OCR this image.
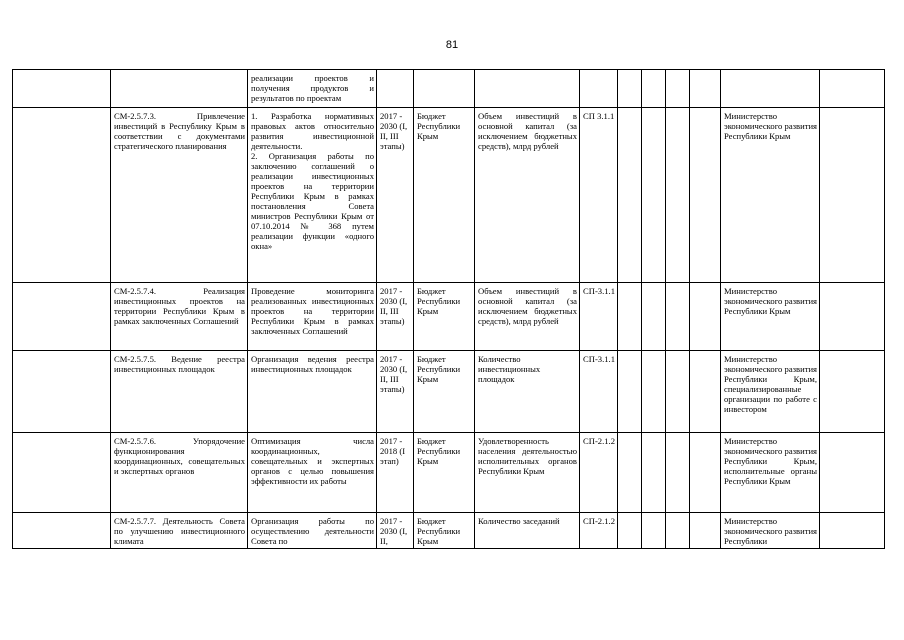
81
		реализации проектов и получения продуктов и результатов по проектам										
	СМ-2.5.7.3. Привлечение инвестиций в Республику Крым в соответствии с документами стратегического планирования	1. Разработка нормативных правовых актов относительно развития инвестиционной деятельности.
2. Организация работы по заключению соглашений о реализации инвестиционных проектов на территории Республики Крым в рамках постановления Совета министров Республики Крым от 07.10.2014 № 368 путем реализации функции «одного окна»	2017 - 2030 (I, II, III этапы)	Бюджет Республики Крым	Объем инвестиций в основной капитал (за исключением бюджетных средств), млрд рублей	СП 3.1.1					Министерство экономического развития Республики Крым	
	СМ-2.5.7.4. Реализация инвестиционных проектов на территории Республики Крым в рамках заключенных Соглашений	Проведение мониторинга реализованных инвестиционных проектов на территории Республики Крым в рамках заключенных Соглашений	2017 - 2030 (I, II, III этапы)	Бюджет Республики Крым	Объем инвестиций в основной капитал (за исключением бюджетных средств), млрд рублей	СП-3.1.1					Министерство экономического развития Республики Крым	
	СМ-2.5.7.5. Ведение реестра инвестиционных площадок	Организация ведения реестра инвестиционных площадок	2017 - 2030 (I, II, III этапы)	Бюджет Республики Крым	Количество инвестиционных площадок	СП-3.1.1					Министерство экономического развития Республики Крым, специализированные организации по работе с инвестором	
	СМ-2.5.7.6. Упорядочение функционирования координационных, совещательных и экспертных органов	Оптимизация числа координационных, совещательных и экспертных органов с целью повышения эффективности их работы	2017 - 2018 (I этап)	Бюджет Республики Крым	Удовлетворенность населения деятельностью исполнительных органов Республики Крым	СП-2.1.2					Министерство экономического развития Республики Крым, исполнительные органы Республики Крым	
	СМ-2.5.7.7. Деятельность Совета по улучшению инвестиционного климата	Организация работы по осуществлению деятельности Совета по	2017 - 2030 (I, II,	Бюджет Республики Крым	Количество заседаний	СП-2.1.2					Министерство экономического развития Республики	
